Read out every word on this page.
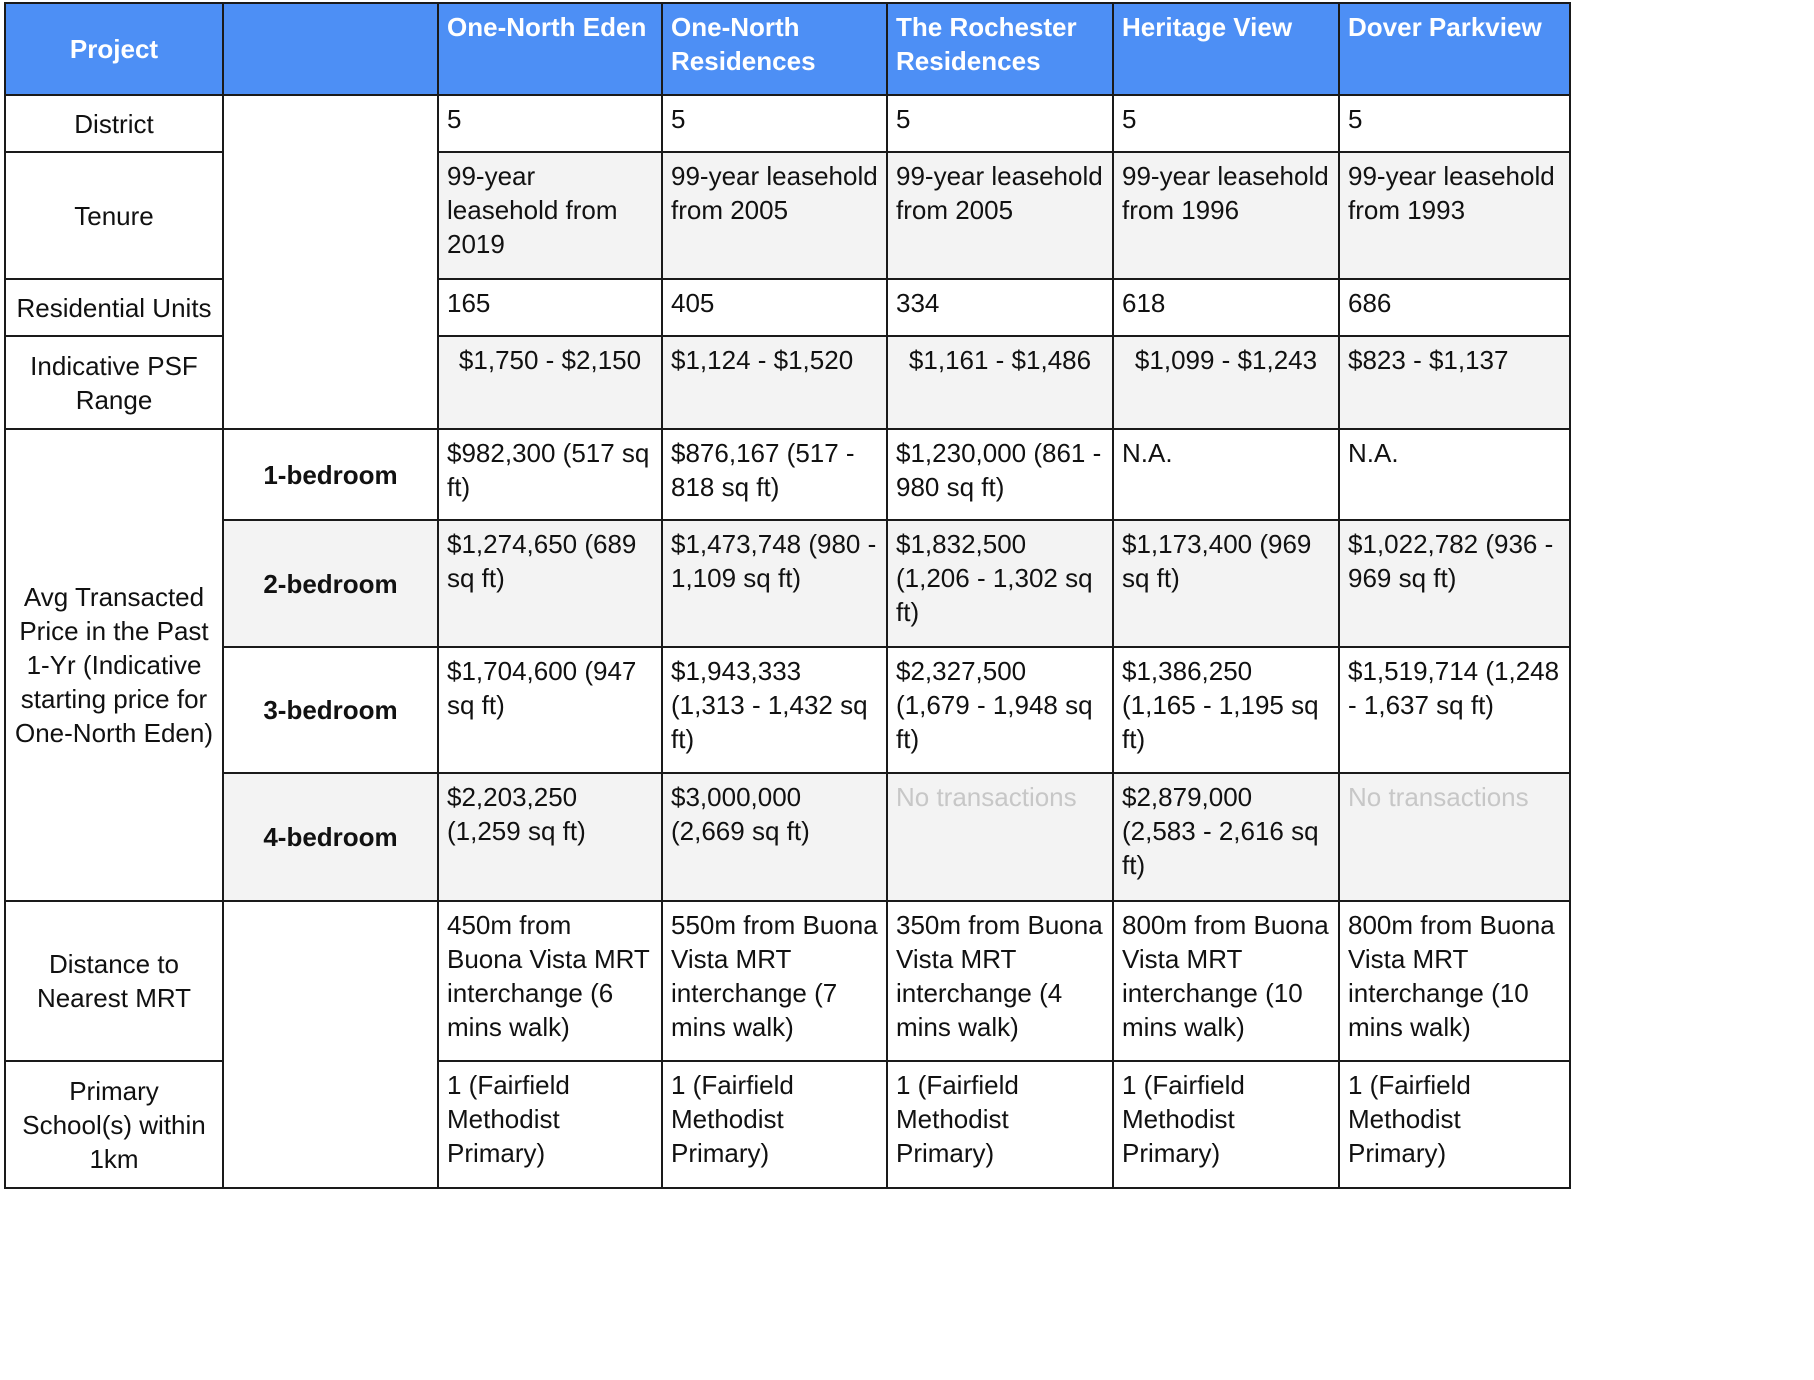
Project		One-North Eden	One-North Residences	The Rochester Residences	Heritage View	Dover Parkview
District		5	5	5	5	5
Tenure		99-year leasehold from 2019	99-year leasehold from 2005	99-year leasehold from 2005	99-year leasehold from 1996	99-year leasehold from 1993
Residential Units		165	405	334	618	686
Indicative PSF Range		$1,750 - $2,150	$1,124 - $1,520	$1,161 - $1,486	$1,099 - $1,243	$823 - $1,137
Avg Transacted Price in the Past 1-Yr (Indicative starting price for One-North Eden)	1-bedroom	$982,300 (517 sq ft)	$876,167 (517 - 818 sq ft)	$1,230,000 (861 - 980 sq ft)	N.A.	N.A.
	2-bedroom	$1,274,650 (689 sq ft)	$1,473,748 (980 - 1,109 sq ft)	$1,832,500 (1,206 - 1,302 sq ft)	$1,173,400 (969 sq ft)	$1,022,782 (936 - 969 sq ft)
	3-bedroom	$1,704,600 (947 sq ft)	$1,943,333 (1,313 - 1,432 sq ft)	$2,327,500 (1,679 - 1,948 sq ft)	$1,386,250 (1,165 - 1,195 sq ft)	$1,519,714 (1,248 - 1,637 sq ft)
	4-bedroom	$2,203,250 (1,259 sq ft)	$3,000,000 (2,669 sq ft)	No transactions	$2,879,000 (2,583 - 2,616 sq ft)	No transactions
Distance to Nearest MRT		450m from Buona Vista MRT interchange (6 mins walk)	550m from Buona Vista MRT interchange (7 mins walk)	350m from Buona Vista MRT interchange (4 mins walk)	800m from Buona Vista MRT interchange (10 mins walk)	800m from Buona Vista MRT interchange (10 mins walk)
Primary School(s) within 1km		1 (Fairfield Methodist Primary)	1 (Fairfield Methodist Primary)	1 (Fairfield Methodist Primary)	1 (Fairfield Methodist Primary)	1 (Fairfield Methodist Primary)
